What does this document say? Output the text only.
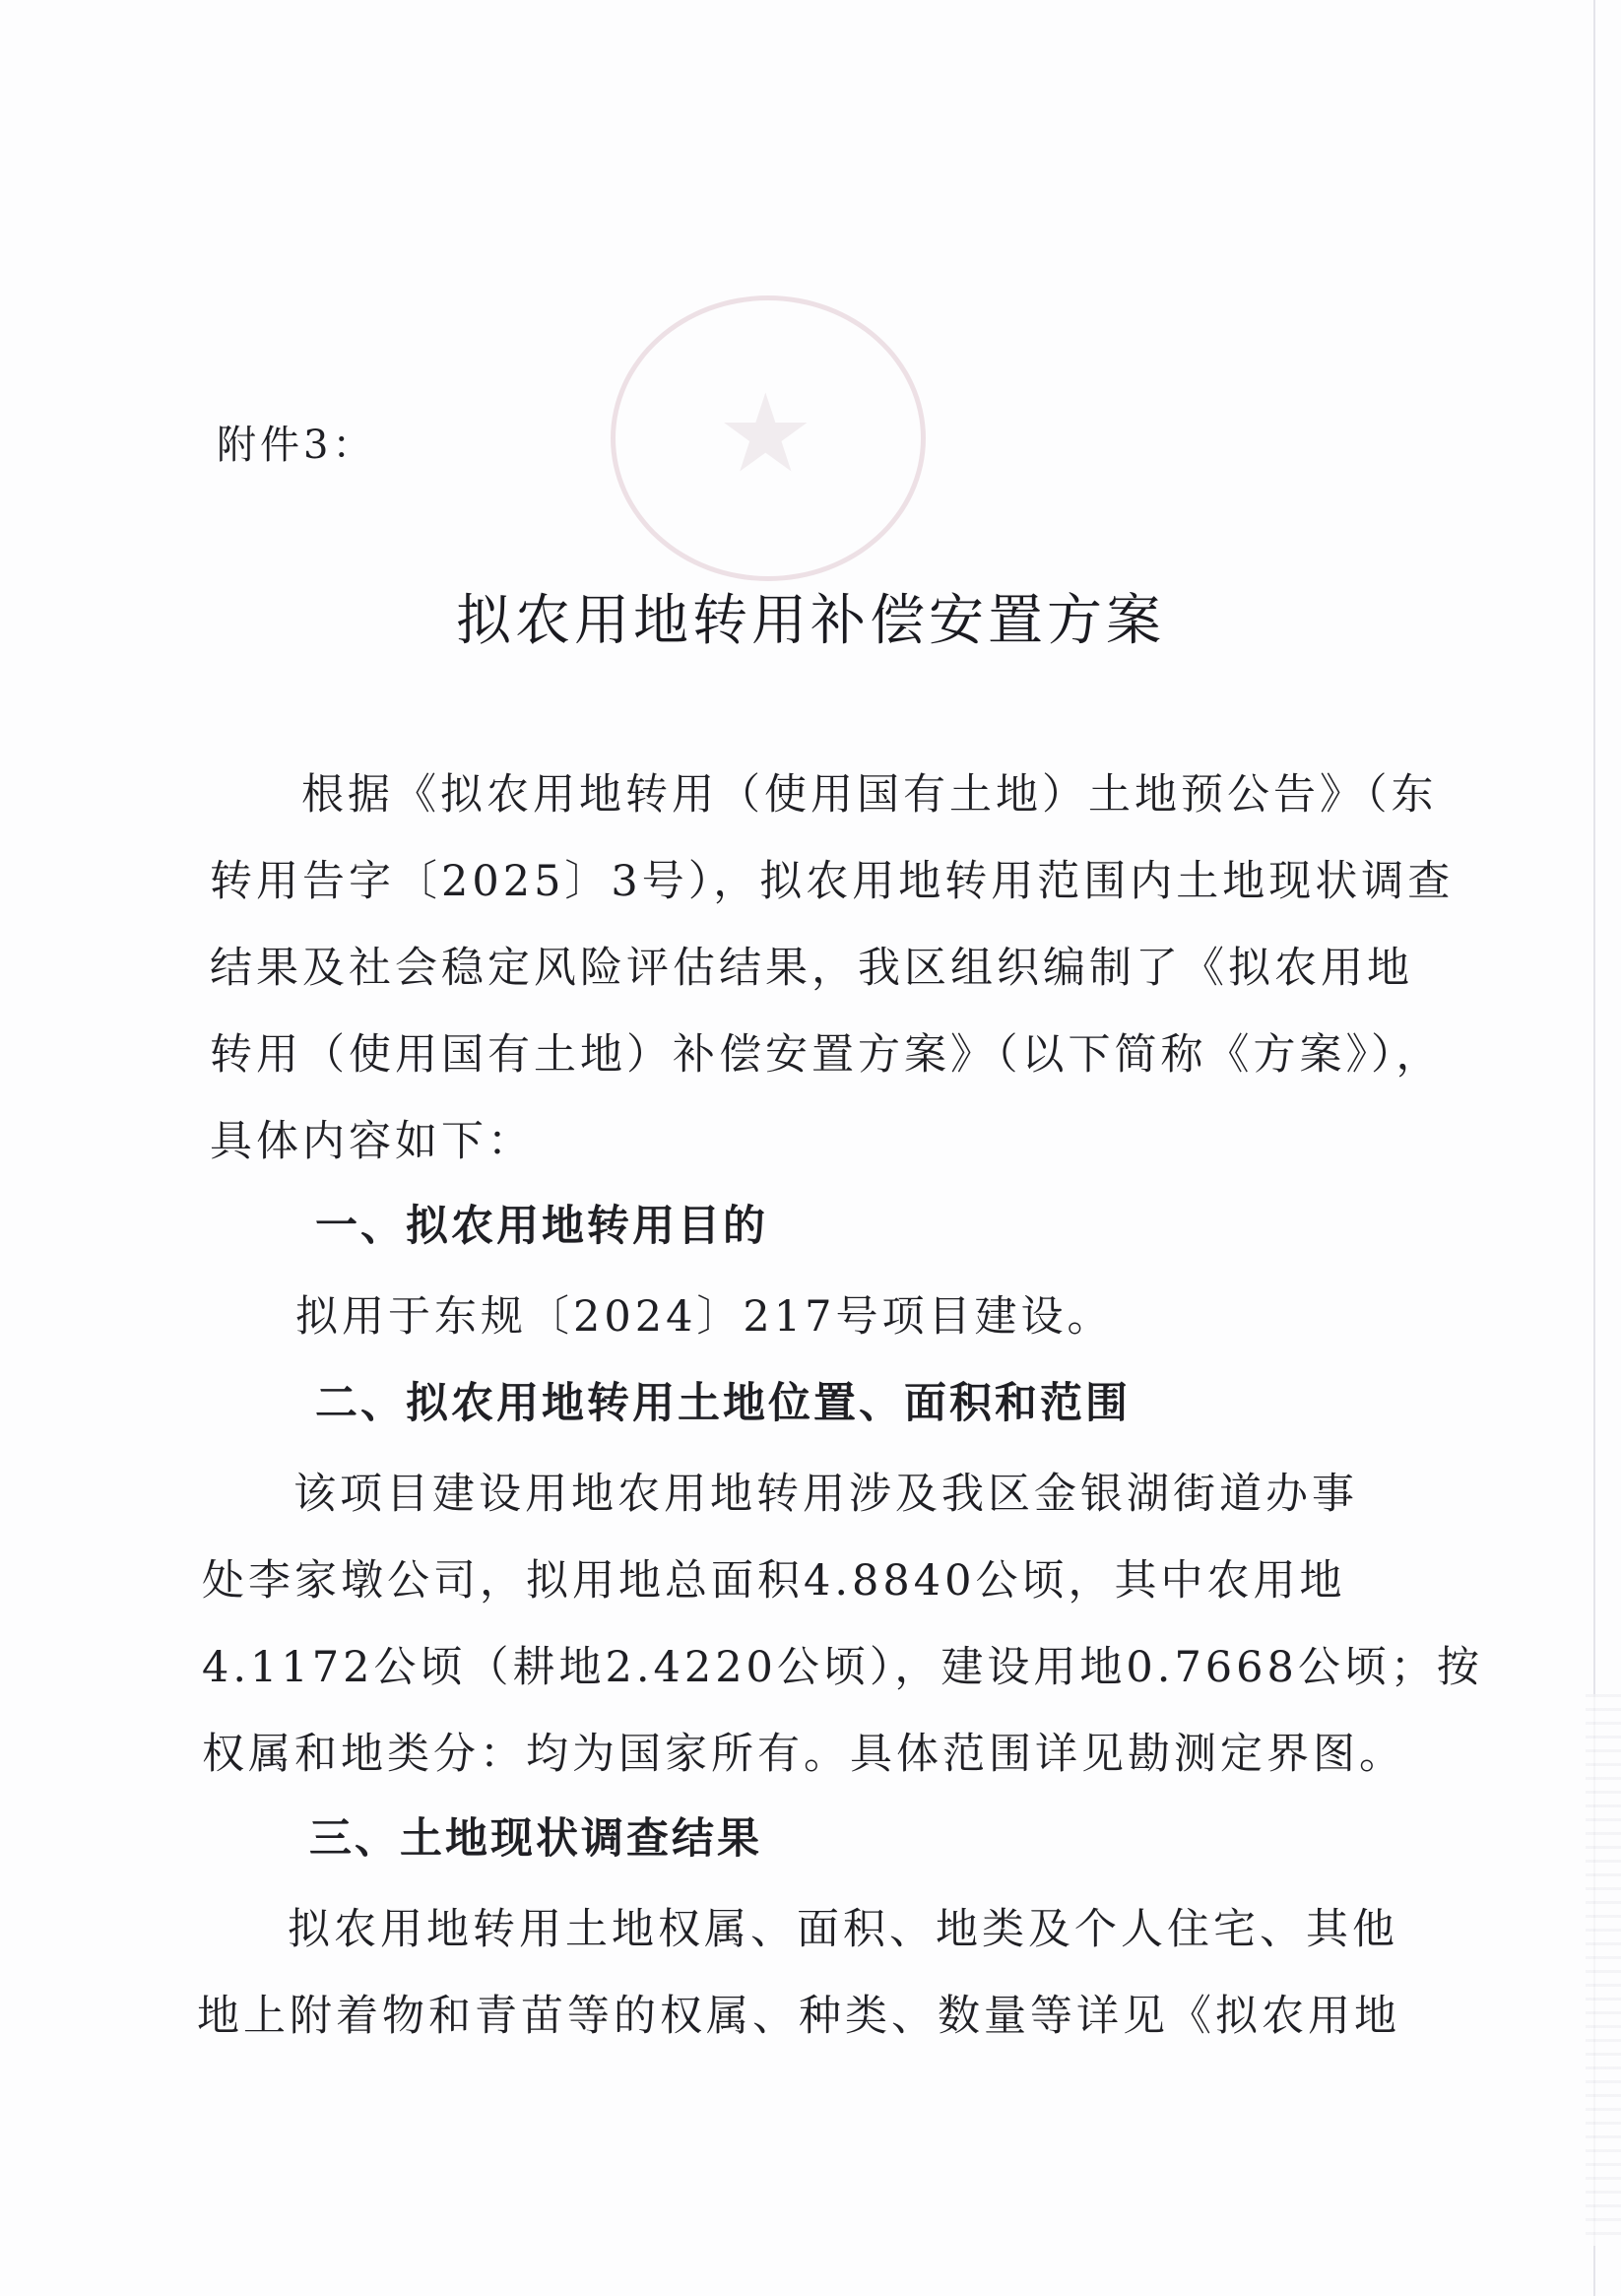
★
附件3：
拟农用地转用补偿安置方案
根据《拟农用地转用（使用国有土地）土地预公告》（东
转用告字〔2025〕3号），拟农用地转用范围内土地现状调查
结果及社会稳定风险评估结果，我区组织编制了《拟农用地
转用（使用国有土地）补偿安置方案》（以下简称《方案》），
具体内容如下：
一、拟农用地转用目的
拟用于东规〔2024〕217号项目建设。
二、拟农用地转用土地位置、面积和范围
该项目建设用地农用地转用涉及我区金银湖街道办事
处李家墩公司，拟用地总面积4.8840公顷，其中农用地
4.1172公顷（耕地2.4220公顷），建设用地0.7668公顷；按
权属和地类分：均为国家所有。具体范围详见勘测定界图。
三、土地现状调查结果
拟农用地转用土地权属、面积、地类及个人住宅、其他
地上附着物和青苗等的权属、种类、数量等详见《拟农用地
